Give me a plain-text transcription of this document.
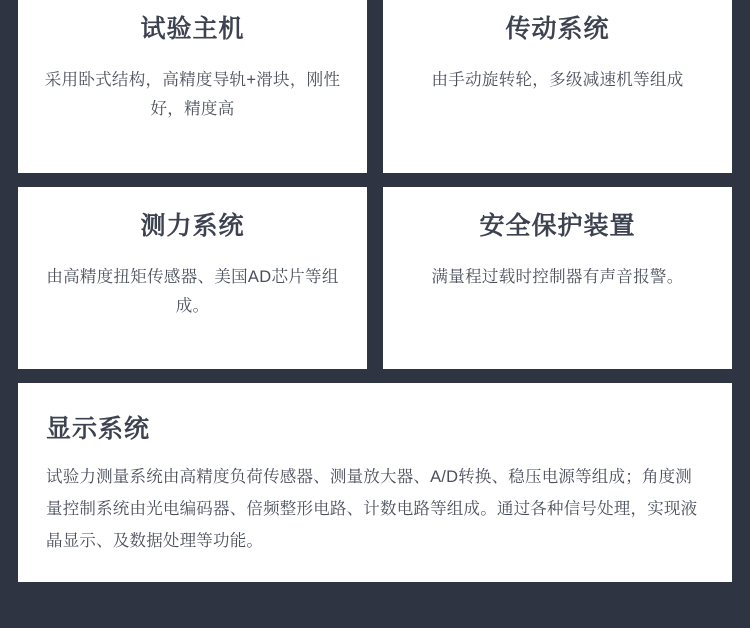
试验主机
采用卧式结构，高精度导轨+滑块，刚性好，精度高
传动系统
由手动旋转轮，多级减速机等组成
测力系统
由高精度扭矩传感器、美国AD芯片等组成。
安全保护装置
满量程过载时控制器有声音报警。
显示系统
试验力测量系统由高精度负荷传感器、测量放大器、A/D转换、稳压电源等组成；角度测量控制系统由光电编码器、倍频整形电路、计数电路等组成。通过各种信号处理，实现液晶显示、及数据处理等功能。
